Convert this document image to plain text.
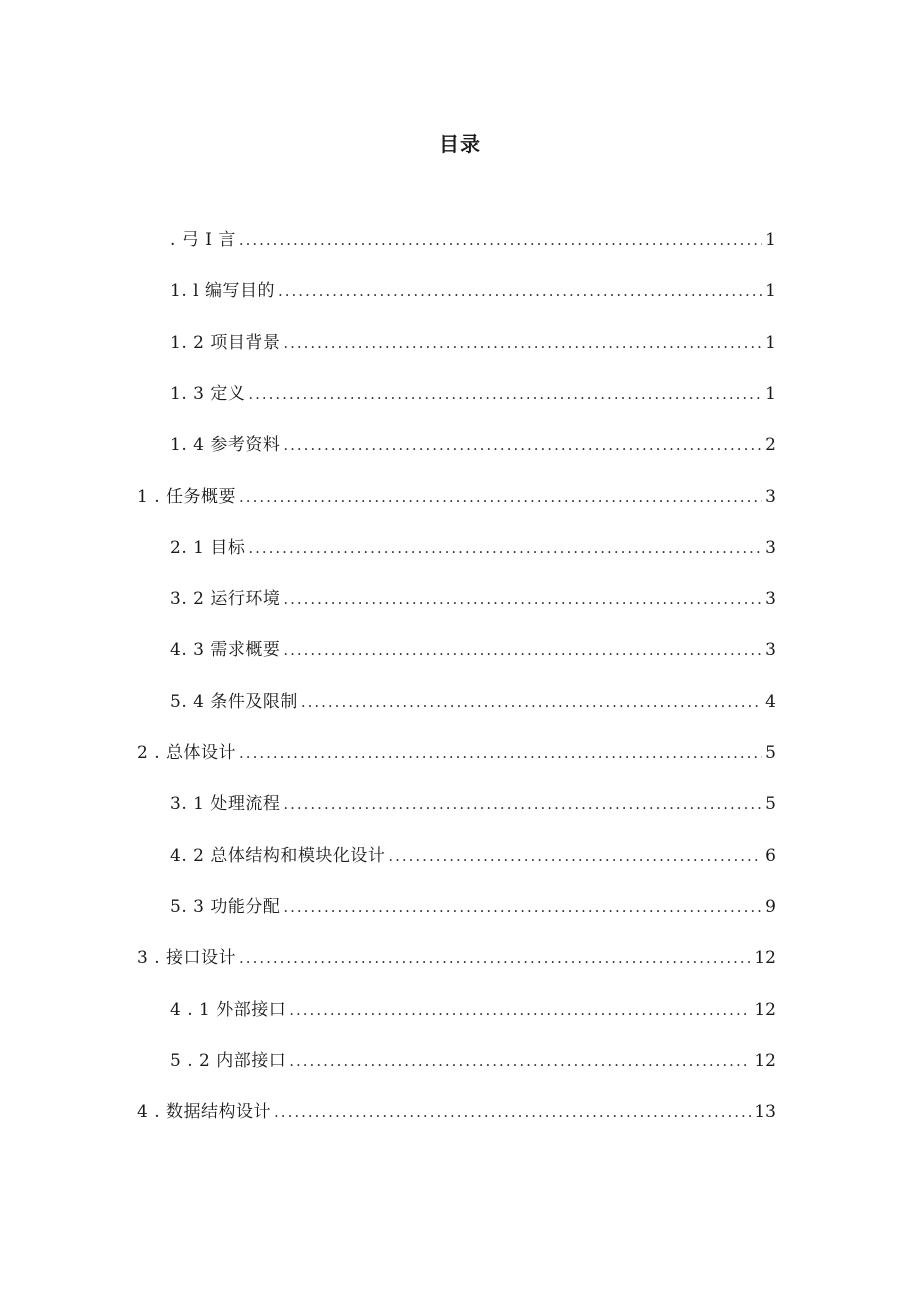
目录
. 弓 I 言 .....	1
1. l 编写目的 .....	1
1. 2 项目背景 .....	1
1. 3 定义 .....	1
1. 4 参考资料 .....	2
1 . 任务概要 .....	3
2. 1 目标 .....	3
3. 2 运行环境 .....	3
4. 3 需求概要 .....	3
5. 4 条件及限制 .....	4
2 . 总体设计 .....	5
3. 1 处理流程 .....	5
4. 2 总体结构和模块化设计 .....	6
5. 3 功能分配 .....	9
3 . 接口设计 .....	12
4 . 1 外部接口 .....	12
5 . 2 内部接口 .....	12
4 . 数据结构设计 .....	13
